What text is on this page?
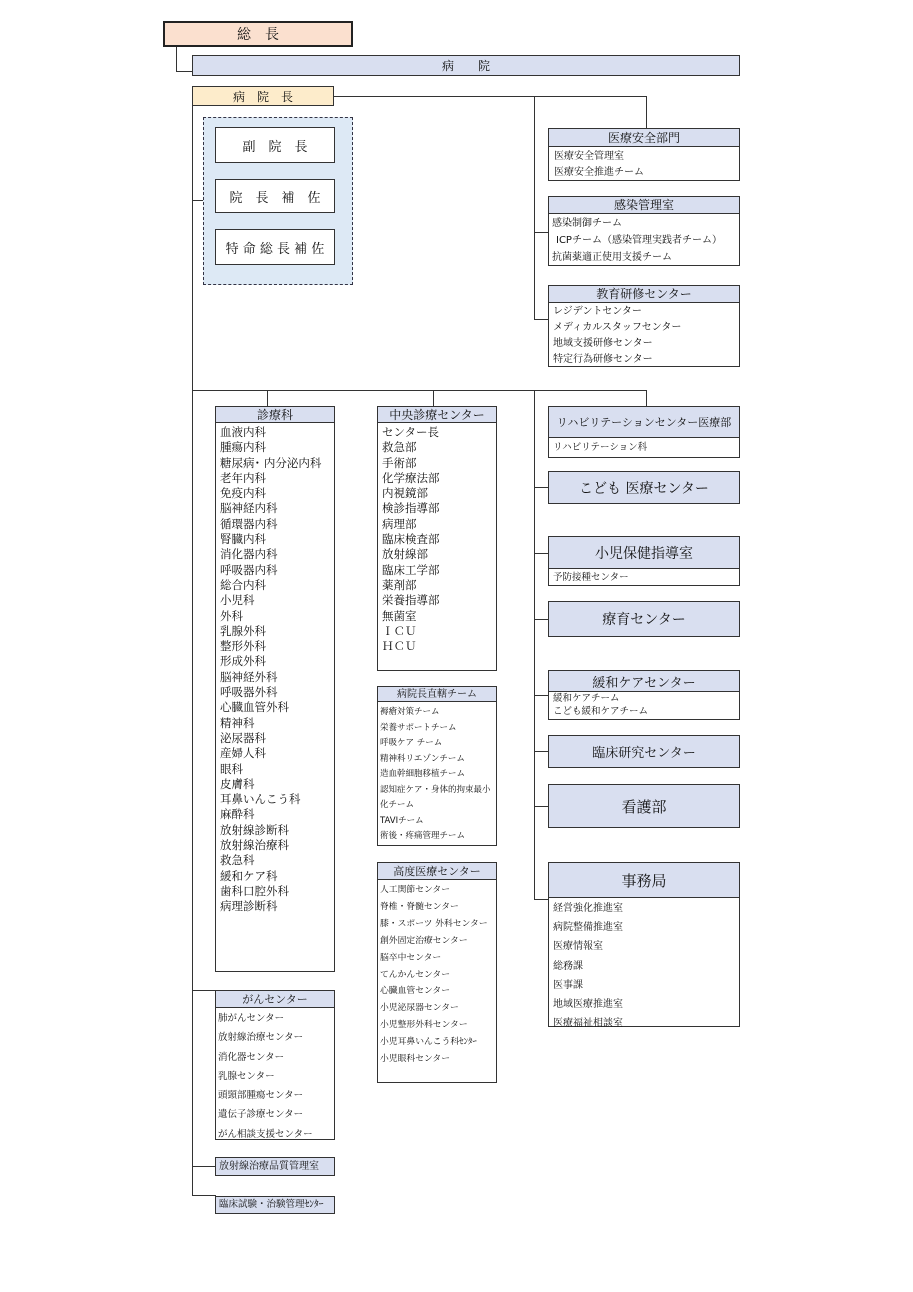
総　長
病　　院
病　院　長
副　院　長
院　長　補　佐
特 命 総 長 補 佐
医療安全部門
医療安全管理室
医療安全推進チーム
感染管理室
感染制御チーム
ICPチーム（感染管理実践者チーム）
抗菌薬適正使用支援チーム
教育研修センター
レジデントセンター
メディカルスタッフセンター
地域支援研修センター
特定行為研修センター
診療科
血液内科
腫瘍内科
糖尿病･ 内分泌内科
老年内科
免疫内科
脳神経内科
循環器内科
腎臓内科
消化器内科
呼吸器内科
総合内科
小児科
外科
乳腺外科
整形外科
形成外科
脳神経外科
呼吸器外科
心臓血管外科
精神科
泌尿器科
産婦人科
眼科
皮膚科
耳鼻いんこう科
麻酔科
放射線診断科
放射線治療科
救急科
緩和ケア科
歯科口腔外科
病理診断科
中央診療センター
センター長
救急部
手術部
化学療法部
内視鏡部
検診指導部
病理部
臨床検査部
放射線部
臨床工学部
薬剤部
栄養指導部
無菌室
ＩＣＵ
ＨＣＵ
病院長直轄チーム
褥瘡対策チーム
栄養サポートチーム
呼吸ケア チーム
精神科リエゾンチーム
造血幹細胞移植チーム
認知症ケア・身体的拘束最小
化チーム
TAVIチーム
術後・疼痛管理チーム
高度医療センター
人工関節センター
脊椎・脊髄センター
膝・スポーツ 外科センター
創外固定治療センター
脳卒中センター
てんかんセンター
心臓血管センター
小児泌尿器センター
小児整形外科センター
小児耳鼻いんこう科ｾﾝﾀｰ
小児眼科センター
がんセンター
肺がんセンター
放射線治療センター
消化器センター
乳腺センター
頭頸部腫瘍センター
遺伝子診療センター
がん相談支援センター
放射線治療品質管理室
臨床試験・治験管理ｾﾝﾀｰ
リハビリテーションセンター医療部
リハビリテーション科
こども 医療センター
小児保健指導室
予防接種センター
療育センター
緩和ケアセンター
緩和ケアチーム
こども緩和ケアチーム
臨床研究センター
看護部
事務局
経営強化推進室
病院整備推進室
医療情報室
総務課
医事課
地域医療推進室
医療福祉相談室
